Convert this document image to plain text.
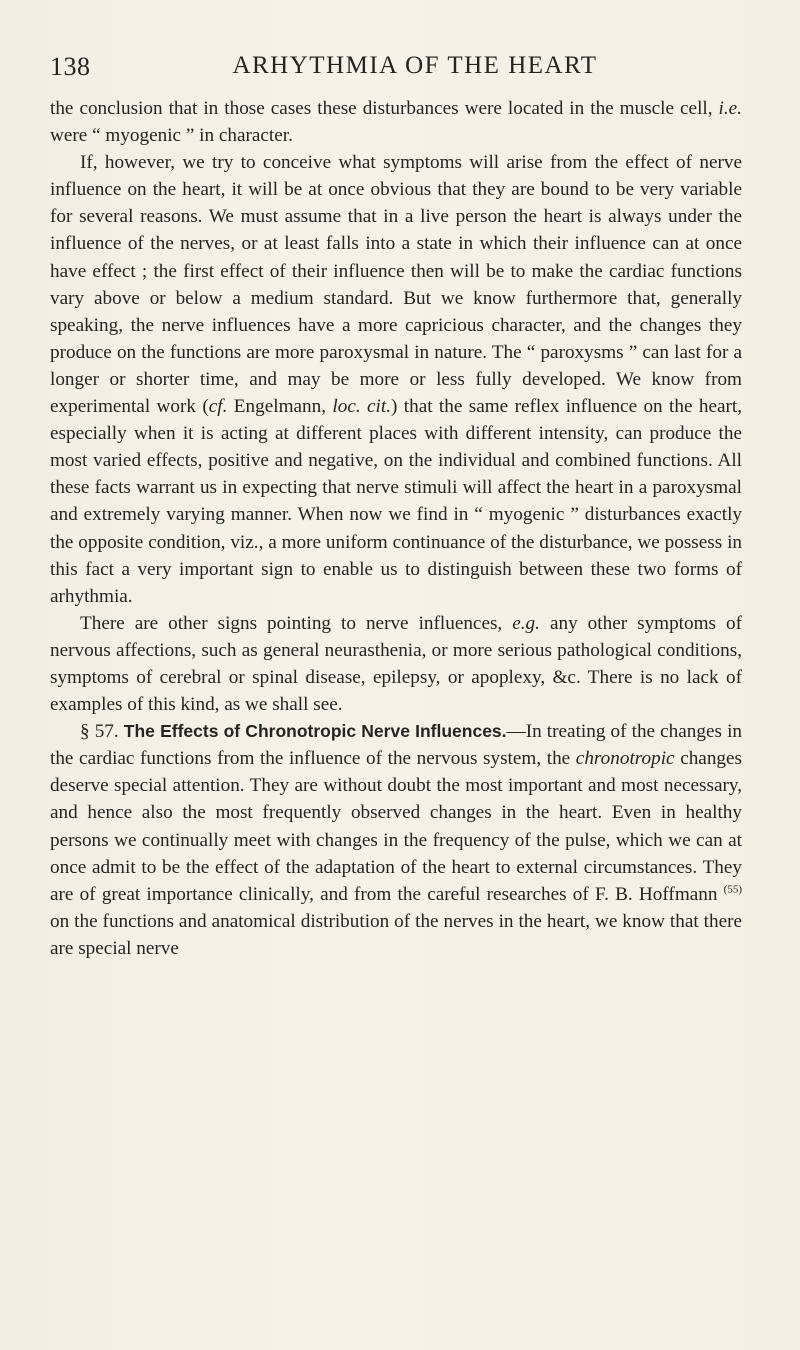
138	ARHYTHMIA OF THE HEART

the conclusion that in those cases these disturbances were located in the muscle cell, i.e. were “ myogenic ” in character.

If, however, we try to conceive what symptoms will arise from the effect of nerve influence on the heart, it will be at once obvious that they are bound to be very variable for several reasons. We must assume that in a live person the heart is always under the influence of the nerves, or at least falls into a state in which their influence can at once have effect ; the first effect of their influence then will be to make the cardiac functions vary above or below a medium standard. But we know furthermore that, generally speaking, the nerve influences have a more capricious character, and the changes they produce on the functions are more paroxysmal in nature. The “ paroxysms ” can last for a longer or shorter time, and may be more or less fully developed. We know from experimental work (cf. Engelmann, loc. cit.) that the same reflex influence on the heart, especially when it is acting at different places with different intensity, can produce the most varied effects, positive and negative, on the individual and combined functions. All these facts warrant us in expecting that nerve stimuli will affect the heart in a paroxysmal and extremely varying manner. When now we find in “ myogenic ” disturbances exactly the opposite condition, viz., a more uniform continuance of the disturbance, we possess in this fact a very important sign to enable us to distinguish between these two forms of arhythmia.

There are other signs pointing to nerve influences, e.g. any other symptoms of nervous affections, such as general neurasthenia, or more serious pathological conditions, symptoms of cerebral or spinal disease, epilepsy, or apoplexy, &c. There is no lack of examples of this kind, as we shall see.

§ 57. The Effects of Chronotropic Nerve Influences.—In treating of the changes in the cardiac functions from the influence of the nervous system, the chronotropic changes deserve special attention. They are without doubt the most important and most necessary, and hence also the most frequently observed changes in the heart. Even in healthy persons we continually meet with changes in the frequency of the pulse, which we can at once admit to be the effect of the adaptation of the heart to external circumstances. They are of great importance clinically, and from the careful researches of F. B. Hoffmann $^{(55)}$ on the functions and anatomical distribution of the nerves in the heart, we know that there are special nerve
